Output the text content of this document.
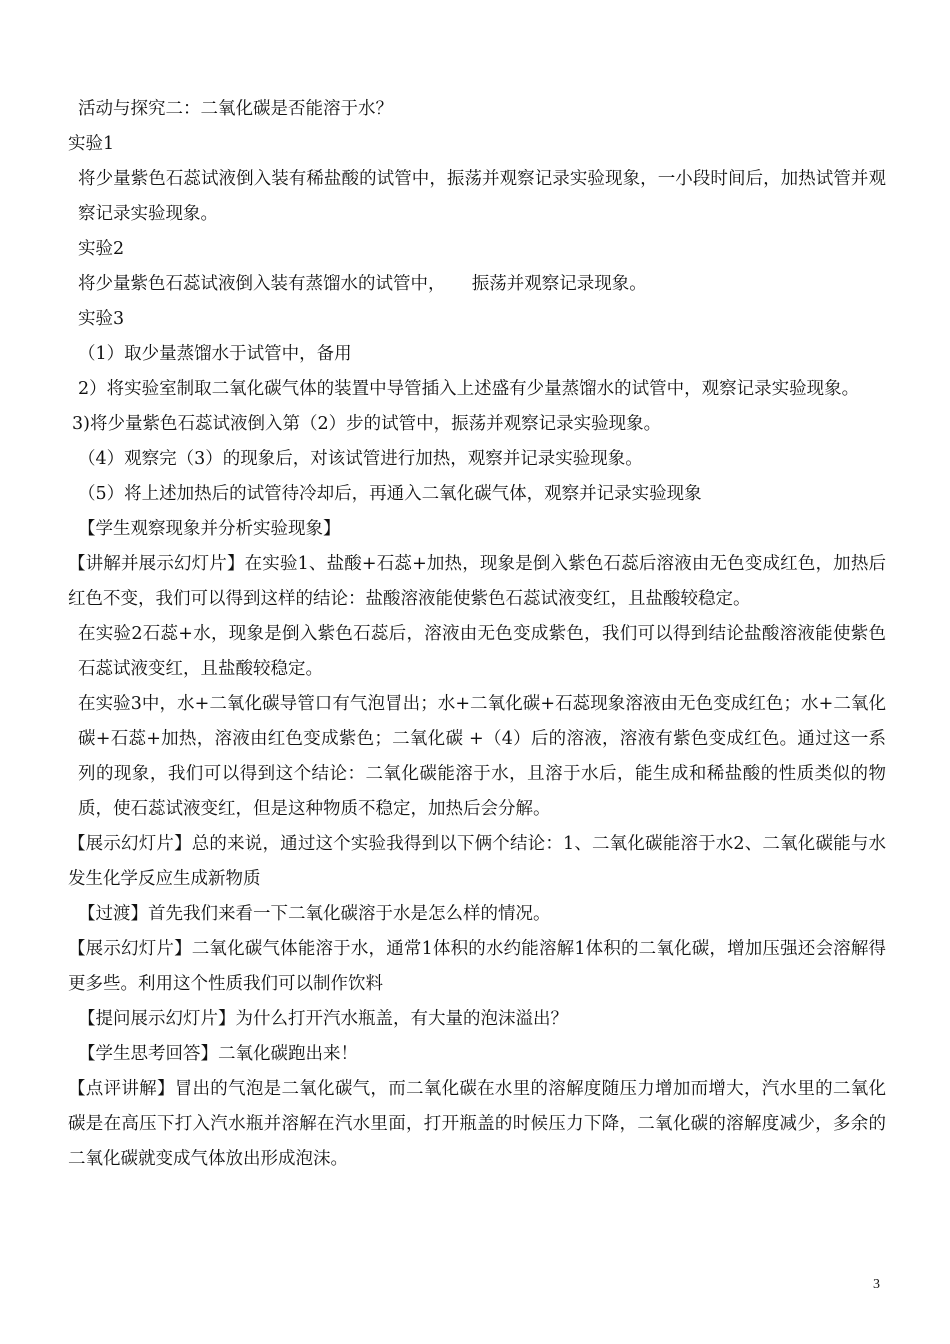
活动与探究二：二氧化碳是否能溶于水？

实验1

将少量紫色石蕊试液倒入装有稀盐酸的试管中，振荡并观察记录实验现象，一小段时间后，加热试管并观察记录实验现象。

实验2

将少量紫色石蕊试液倒入装有蒸馏水的试管中，　　振荡并观察记录现象。

实验3

（1）取少量蒸馏水于试管中，备用

2）将实验室制取二氧化碳气体的装置中导管插入上述盛有少量蒸馏水的试管中，观察记录实验现象。

3)将少量紫色石蕊试液倒入第（2）步的试管中，振荡并观察记录实验现象。

（4）观察完（3）的现象后，对该试管进行加热，观察并记录实验现象。

（5）将上述加热后的试管待冷却后，再通入二氧化碳气体，观察并记录实验现象

【学生观察现象并分析实验现象】

【讲解并展示幻灯片】在实验1、盐酸+石蕊+加热，现象是倒入紫色石蕊后溶液由无色变成红色，加热后红色不变，我们可以得到这样的结论：盐酸溶液能使紫色石蕊试液变红，且盐酸较稳定。

在实验2石蕊+水，现象是倒入紫色石蕊后，溶液由无色变成紫色，我们可以得到结论盐酸溶液能使紫色石蕊试液变红，且盐酸较稳定。

在实验3中，水+二氧化碳导管口有气泡冒出；水+二氧化碳+石蕊现象溶液由无色变成红色；水+二氧化碳+石蕊+加热，溶液由红色变成紫色；二氧化碳 +（4）后的溶液，溶液有紫色变成红色。通过这一系列的现象，我们可以得到这个结论：二氧化碳能溶于水，且溶于水后，能生成和稀盐酸的性质类似的物质，使石蕊试液变红，但是这种物质不稳定，加热后会分解。

【展示幻灯片】总的来说，通过这个实验我得到以下俩个结论：1、二氧化碳能溶于水2、二氧化碳能与水发生化学反应生成新物质

【过渡】首先我们来看一下二氧化碳溶于水是怎么样的情况。

【展示幻灯片】二氧化碳气体能溶于水，通常1体积的水约能溶解1体积的二氧化碳，增加压强还会溶解得更多些。利用这个性质我们可以制作饮料

【提问展示幻灯片】为什么打开汽水瓶盖，有大量的泡沫溢出？

【学生思考回答】二氧化碳跑出来！

【点评讲解】冒出的气泡是二氧化碳气，而二氧化碳在水里的溶解度随压力增加而增大，汽水里的二氧化碳是在高压下打入汽水瓶并溶解在汽水里面，打开瓶盖的时候压力下降，二氧化碳的溶解度减少，多余的二氧化碳就变成气体放出形成泡沫。

3
